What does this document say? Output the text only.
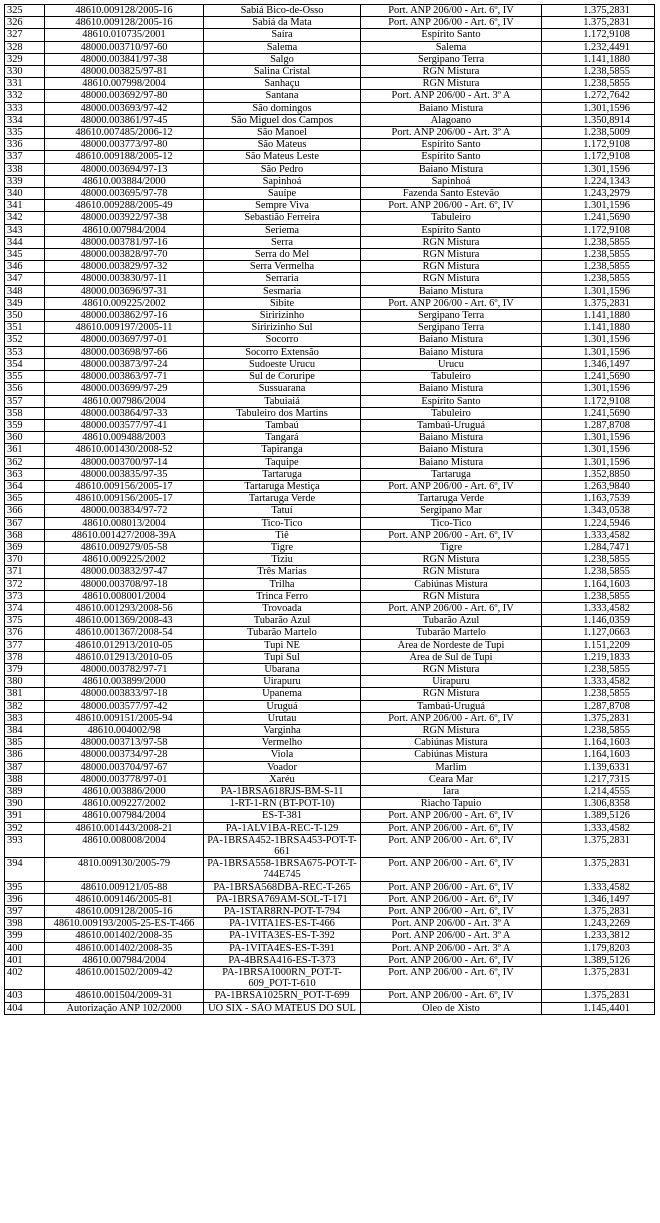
325	48610.009128/2005-16	Sabiá Bico-de-Osso	Port. ANP 206/00 - Art. 6º, IV	1.375,2831
326	48610.009128/2005-16	Sabiá da Mata	Port. ANP 206/00 - Art. 6º, IV	1.375,2831
327	48610.010735/2001	Saíra	Espírito Santo	1.172,9108
328	48000.003710/97-60	Salema	Salema	1.232,4491
329	48000.003841/97-38	Salgo	Sergipano Terra	1.141,1880
330	48000.003825/97-81	Salina Cristal	RGN Mistura	1.238,5855
331	48610.007998/2004	Sanhaçu	RGN Mistura	1.238,5855
332	48000.003692/97-80	Santana	Port. ANP 206/00 - Art. 3º A	1.272,7642
333	48000.003693/97-42	São domingos	Baiano Mistura	1.301,1596
334	48000.003861/97-45	São Miguel dos Campos	Alagoano	1.350,8914
335	48610.007485/2006-12	São Manoel	Port. ANP 206/00 - Art. 3º A	1.238,5009
336	48000.003773/97-80	São Mateus	Espírito Santo	1.172,9108
337	48610.009188/2005-12	São Mateus Leste	Espírito Santo	1.172,9108
338	48000.003694/97-13	São Pedro	Baiano Mistura	1.301,1596
339	48610.003884/2000	Sapinhoá	Sapinhoá	1.224,1343
340	48000.003695/97-78	Sauípe	Fazenda Santo Estevão	1.243,2979
341	48610.009288/2005-49	Sempre Viva	Port. ANP 206/00 - Art. 6º, IV	1.301,1596
342	48000.003922/97-38	Sebastião Ferreira	Tabuleiro	1.241,5690
343	48610.007984/2004	Seriema	Espírito Santo	1.172,9108
344	48000.003781/97-16	Serra	RGN Mistura	1.238,5855
345	48000.003828/97-70	Serra do Mel	RGN Mistura	1.238,5855
346	48000.003829/97-32	Serra Vermelha	RGN Mistura	1.238,5855
347	48000.003830/97-11	Serraria	RGN Mistura	1.238,5855
348	48000.003696/97-31	Sesmaria	Baiano Mistura	1.301,1596
349	48610.009225/2002	Sibite	Port. ANP 206/00 - Art. 6º, IV	1.375,2831
350	48000.003862/97-16	Siririzinho	Sergipano Terra	1.141,1880
351	48610.009197/2005-11	Siririzinho Sul	Sergipano Terra	1.141,1880
352	48000.003697/97-01	Socorro	Baiano Mistura	1.301,1596
353	48000.003698/97-66	Socorro Extensão	Baiano Mistura	1.301,1596
354	48000.003873/97-24	Sudoeste Urucu	Urucu	1.346,1497
355	48000.003863/97-71	Sul de Coruripe	Tabuleiro	1.241,5690
356	48000.003699/97-29	Sussuarana	Baiano Mistura	1.301,1596
357	48610.007986/2004	Tabuiaiá	Espírito Santo	1.172,9108
358	48000.003864/97-33	Tabuleiro dos Martins	Tabuleiro	1.241,5690
359	48000.003577/97-41	Tambaú	Tambaú-Uruguá	1.287,8708
360	48610.009488/2003	Tangará	Baiano Mistura	1.301,1596
361	48610.001430/2008-52	Tapiranga	Baiano Mistura	1.301,1596
362	48000.003700/97-14	Taquipe	Baiano Mistura	1.301,1596
363	48000.003835/97-35	Tartaruga	Tartaruga	1.352,8850
364	48610.009156/2005-17	Tartaruga Mestiça	Port. ANP 206/00 - Art. 6º, IV	1.263,9840
365	48610.009156/2005-17	Tartaruga Verde	Tartaruga Verde	1.163,7539
366	48000.003834/97-72	Tatuí	Sergipano Mar	1.343,0538
367	48610.008013/2004	Tico-Tico	Tico-Tico	1.224,5946
368	48610.001427/2008-39A	Tiê	Port. ANP 206/00 - Art. 6º, IV	1.333,4582
369	48610.009279/05-58	Tigre	Tigre	1.284,7471
370	48610.009225/2002	Tiziu	RGN Mistura	1.238,5855
371	48000.003832/97-47	Três Marias	RGN Mistura	1.238,5855
372	48000.003708/97-18	Trilha	Cabiúnas Mistura	1.164,1603
373	48610.008001/2004	Trinca Ferro	RGN Mistura	1.238,5855
374	48610.001293/2008-56	Trovoada	Port. ANP 206/00 - Art. 6º, IV	1.333,4582
375	48610.001369/2008-43	Tubarão Azul	Tubarão Azul	1.146,0359
376	48610.001367/2008-54	Tubarão Martelo	Tubarão Martelo	1.127,0663
377	48610.012913/2010-05	Tupi NE	Área de Nordeste de Tupi	1.151,2209
378	48610.012913/2010-05	Tupi Sul	Área de Sul de Tupi	1.219,1833
379	48000.003782/97-71	Ubarana	RGN Mistura	1.238,5855
380	48610.003899/2000	Uirapuru	Uirapuru	1.333,4582
381	48000.003833/97-18	Upanema	RGN Mistura	1.238,5855
382	48000.003577/97-42	Uruguá	Tambaú-Uruguá	1.287,8708
383	48610.009151/2005-94	Urutau	Port. ANP 206/00 - Art. 6º, IV	1.375,2831
384	48610.004002/98	Varginha	RGN Mistura	1.238,5855
385	48000.003713/97-58	Vermelho	Cabiúnas Mistura	1.164,1603
386	48000.003734/97-28	Viola	Cabiúnas Mistura	1.164,1603
387	48000.003704/97-67	Voador	Marlim	1.139,6331
388	48000.003778/97-01	Xaréu	Ceara Mar	1.217,7315
389	48610.003886/2000	PA-1BRSA618RJS-BM-S-11	Iara	1.214,4555
390	48610.009227/2002	1-RT-1-RN (BT-POT-10)	Riacho Tapuio	1.306,8358
391	48610.007984/2004	ES-T-381	Port. ANP 206/00 - Art. 6º, IV	1.389,5126
392	48610.001443/2008-21	PA-1ALV1BA-REC-T-129	Port. ANP 206/00 - Art. 6º, IV	1.333,4582
393	48610.008008/2004	PA-1BRSA452-1BRSA453-POT-T-661	Port. ANP 206/00 - Art. 6º, IV	1.375,2831
394	4810.009130/2005-79	PA-1BRSA558-1BRSA675-POT-T-744E745	Port. ANP 206/00 - Art. 6º, IV	1.375,2831
395	48610.009121/05-88	PA-1BRSA568DBA-REC-T-265	Port. ANP 206/00 - Art. 6º, IV	1.333,4582
396	48610.009146/2005-81	PA-1BRSA769AM-SOL-T-171	Port. ANP 206/00 - Art. 6º, IV	1.346,1497
397	48610.009128/2005-16	PA-1STAR8RN-POT-T-794	Port. ANP 206/00 - Art. 6º, IV	1.375,2831
398	48610.009193/2005-25-ES-T-466	PA-1VITA1ES-ES-T-466	Port. ANP 206/00 - Art. 3º A	1.243,2269
399	48610.001402/2008-35	PA-1VITA3ES-ES-T-392	Port. ANP 206/00 - Art. 3º A	1.233,3812
400	48610.001402/2008-35	PA-1VITA4ES-ES-T-391	Port. ANP 206/00 - Art. 3º A	1.179,8203
401	48610.007984/2004	PA-4BRSA416-ES-T-373	Port. ANP 206/00 - Art. 6º, IV	1.389,5126
402	48610.001502/2009-42	PA-1BRSA1000RN_POT-T-609_POT-T-610	Port. ANP 206/00 - Art. 6º, IV	1.375,2831
403	48610.001504/2009-31	PA-1BRSA1025RN_POT-T-699	Port. ANP 206/00 - Art. 6º, IV	1.375,2831
404	Autorização ANP 102/2000	UO SIX - SÃO MATEUS DO SUL	Óleo de Xisto	1.145,4401
